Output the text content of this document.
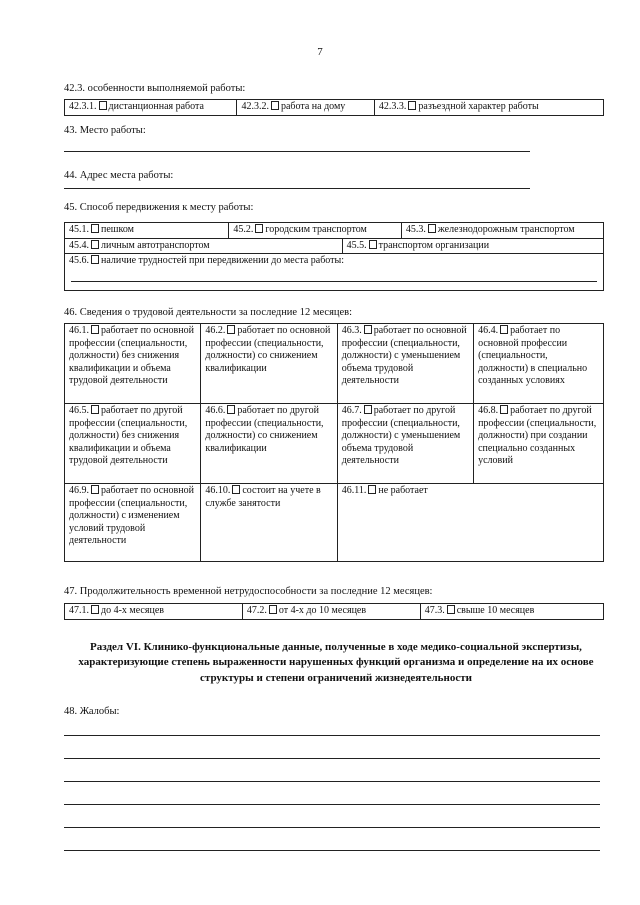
7
42.3. особенности выполняемой работы:
42.3.1. дистанционная работа	42.3.2. работа на дому	42.3.3. разъездной характер работы
43. Место работы:
44. Адрес места работы:
45. Способ передвижения к месту работы:
45.1. пешком	45.2. городским транспортом	45.3. железнодорожным транспортом
45.4. личным автотранспортом	45.5. транспортом организации
45.6. наличие трудностей при передвижении до места работы:
46. Сведения о трудовой деятельности за последние 12 месяцев:
46.1. работает по основной профессии (специальности, должности) без снижения квалификации и объема трудовой деятельности	46.2. работает по основной профессии (специальности, должности) со снижением квалификации	46.3. работает по основной профессии (специальности, должности) с уменьшением объема трудовой деятельности	46.4. работает по основной профессии (специальности, должности) в специально созданных условиях
46.5. работает по другой профессии (специальности, должности) без снижения квалификации и объема трудовой деятельности	46.6. работает по другой профессии (специальности, должности) со снижением квалификации	46.7. работает по другой профессии (специальности, должности) с уменьшением объема трудовой деятельности	46.8. работает по другой профессии (специальности, должности) при создании специально созданных условий
46.9. работает по основной профессии (специальности, должности) с изменением условий трудовой деятельности	46.10. состоит на учете в службе занятости	46.11. не работает	
47. Продолжительность временной нетрудоспособности за последние 12 месяцев:
47.1. до 4-х месяцев	47.2. от 4-х до 10 месяцев	47.3. свыше 10 месяцев
Раздел VI. Клинико-функциональные данные, полученные в ходе медико-социальной экспертизы, характеризующие степень выраженности нарушенных функций организма и определение на их основе структуры и степени ограничений жизнедеятельности
48. Жалобы:
